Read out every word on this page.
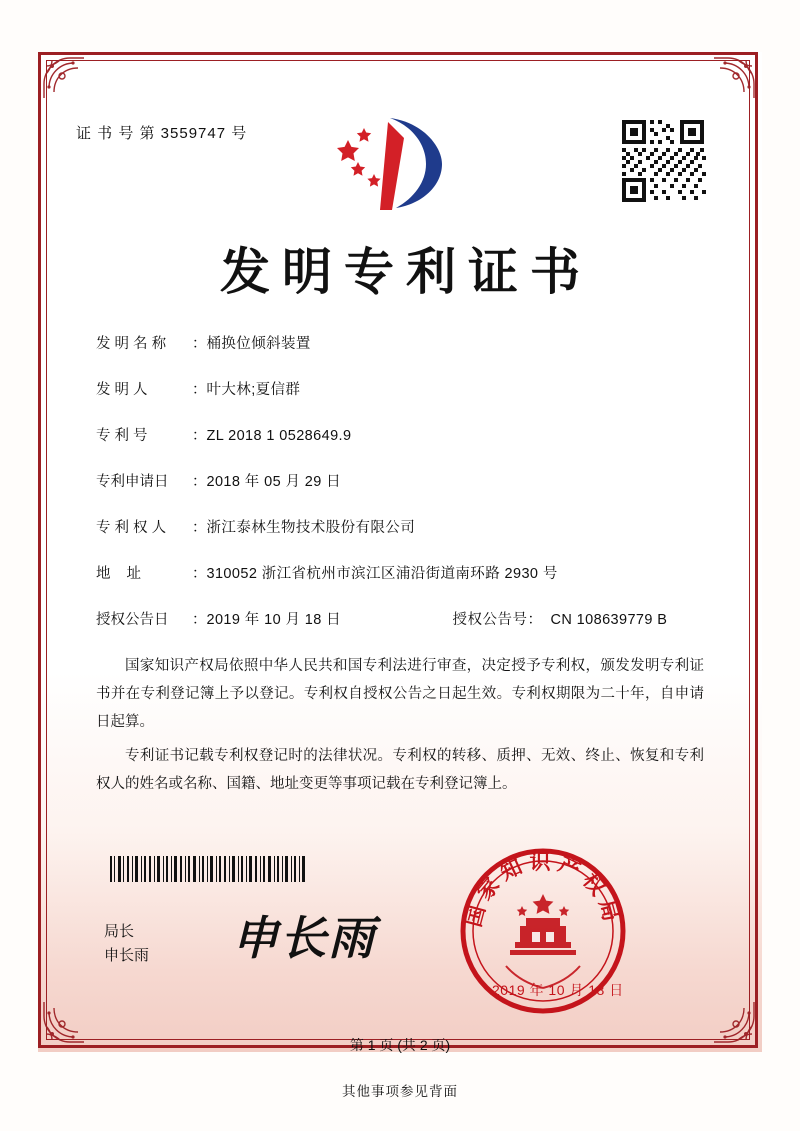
证 书 号 第 3559747 号
发明专利证书
发 明 名 称	： 桶换位倾斜装置
发 明 人	： 叶大林;夏信群
专 利 号	： ZL 2018 1 0528649.9
专利申请日	： 2018 年 05 月 29 日
专 利 权 人	： 浙江泰林生物技术股份有限公司
地 址	： 310052 浙江省杭州市滨江区浦沿街道南环路 2930 号
授权公告日	： 2019 年 10 月 18 日	授权公告号： CN 108639779 B

国家知识产权局依照中华人民共和国专利法进行审查，决定授予专利权，颁发发明专利证书并在专利登记簿上予以登记。专利权自授权公告之日起生效。专利权期限为二十年，自申请日起算。

专利证书记载专利权登记时的法律状况。专利权的转移、质押、无效、终止、恢复和专利权人的姓名或名称、国籍、地址变更等事项记载在专利登记簿上。

局长
申长雨 申长雨	国家知识产权局
2019 年 10 月 18 日
第 1 页 (共 2 页)
其他事项参见背面
